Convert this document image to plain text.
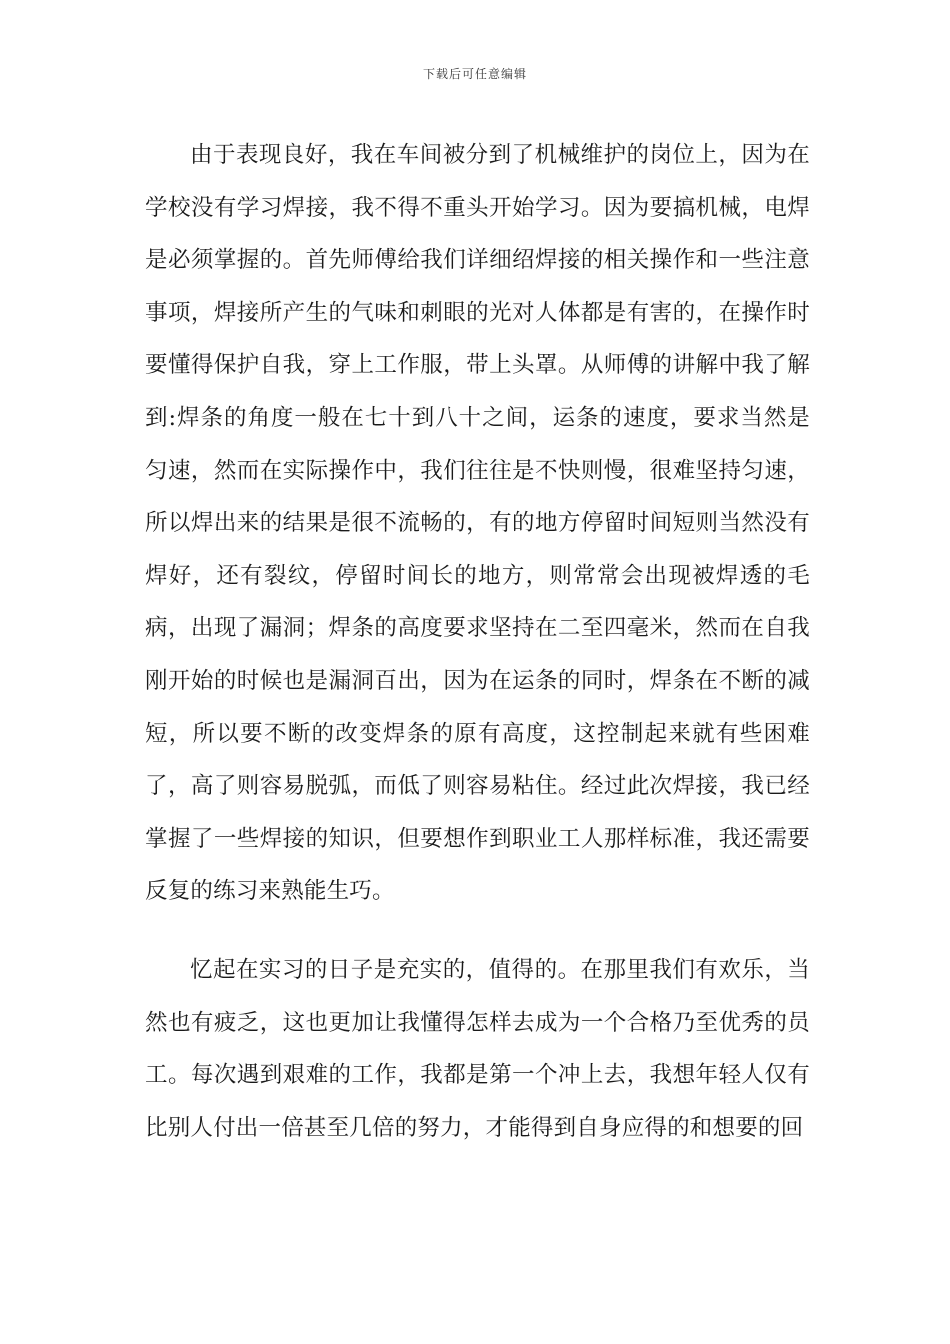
下载后可任意编辑

由于表现良好，我在车间被分到了机械维护的岗位上，因为在学校没有学习焊接，我不得不重头开始学习。因为要搞机械，电焊是必须掌握的。首先师傅给我们详细绍焊接的相关操作和一些注意事项，焊接所产生的气味和刺眼的光对人体都是有害的，在操作时要懂得保护自我，穿上工作服，带上头罩。从师傅的讲解中我了解到:焊条的角度一般在七十到八十之间，运条的速度，要求当然是匀速，然而在实际操作中，我们往往是不快则慢，很难坚持匀速，所以焊出来的结果是很不流畅的，有的地方停留时间短则当然没有焊好，还有裂纹，停留时间长的地方，则常常会出现被焊透的毛病，出现了漏洞；焊条的高度要求坚持在二至四毫米，然而在自我刚开始的时候也是漏洞百出，因为在运条的同时，焊条在不断的减短，所以要不断的改变焊条的原有高度，这控制起来就有些困难了，高了则容易脱弧，而低了则容易粘住。经过此次焊接，我已经掌握了一些焊接的知识，但要想作到职业工人那样标准，我还需要反复的练习来熟能生巧。

忆起在实习的日子是充实的，值得的。在那里我们有欢乐，当然也有疲乏，这也更加让我懂得怎样去成为一个合格乃至优秀的员工。每次遇到艰难的工作，我都是第一个冲上去，我想年轻人仅有比别人付出一倍甚至几倍的努力，才能得到自身应得的和想要的回
